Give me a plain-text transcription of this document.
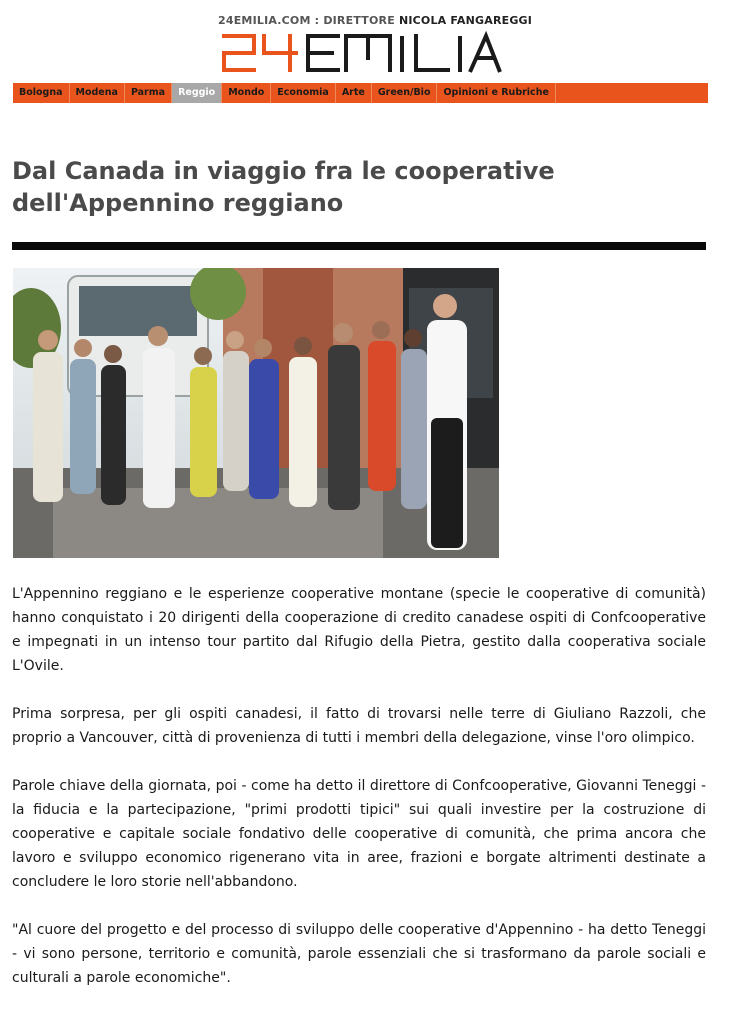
24EMILIA.COM : DIRETTORE NICOLA FANGAREGGI
Bologna	Modena	Parma	Reggio	Mondo	Economia	Arte	Green/Bio	Opinioni e Rubriche
Dal Canada in viaggio fra le cooperative
dell'Appennino reggiano

L'Appennino reggiano e le esperienze cooperative montane (specie le cooperative di comunità) hanno conquistato i 20 dirigenti della cooperazione di credito canadese ospiti di Confcooperative e impegnati in un intenso tour partito dal Rifugio della Pietra, gestito dalla cooperativa sociale L'Ovile.

Prima sorpresa, per gli ospiti canadesi, il fatto di trovarsi nelle terre di Giuliano Razzoli, che proprio a Vancouver, città di provenienza di tutti i membri della delegazione, vinse l'oro olimpico.

Parole chiave della giornata, poi - come ha detto il direttore di Confcooperative, Giovanni Teneggi - la fiducia e la partecipazione, "primi prodotti tipici" sui quali investire per la costruzione di cooperative e capitale sociale fondativo delle cooperative di comunità, che prima ancora che lavoro e sviluppo economico rigenerano vita in aree, frazioni e borgate altrimenti destinate a concludere le loro storie nell'abbandono.

"Al cuore del progetto e del processo di sviluppo delle cooperative d'Appennino - ha detto Teneggi - vi sono persone, territorio e comunità, parole essenziali che si trasformano da parole sociali e culturali a parole economiche".
